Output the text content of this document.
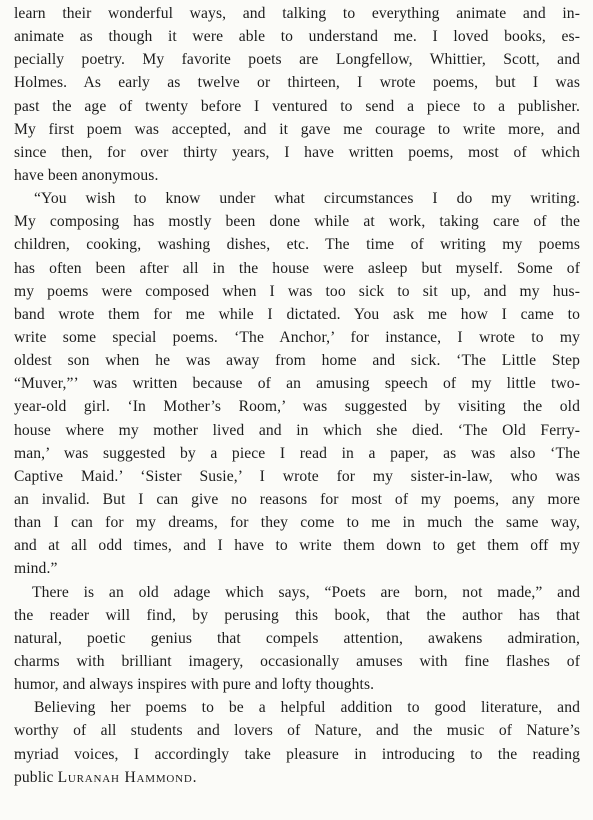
learn their wonderful ways, and talking to everything animate and in-
animate as though it were able to understand me. I loved books, es-
pecially poetry. My favorite poets are Longfellow, Whittier, Scott, and
Holmes. As early as twelve or thirteen, I wrote poems, but I was
past the age of twenty before I ventured to send a piece to a publisher.
My first poem was accepted, and it gave me courage to write more, and
since then, for over thirty years, I have written poems, most of which
have been anonymous.
“You wish to know under what circumstances I do my writing.
My composing has mostly been done while at work, taking care of the
children, cooking, washing dishes, etc. The time of writing my poems
has often been after all in the house were asleep but myself. Some of
my poems were composed when I was too sick to sit up, and my hus-
band wrote them for me while I dictated. You ask me how I came to
write some special poems. ‘The Anchor,’ for instance, I wrote to my
oldest son when he was away from home and sick. ‘The Little Step
“Muver,”’ was written because of an amusing speech of my little two-
year-old girl. ‘In Mother’s Room,’ was suggested by visiting the old
house where my mother lived and in which she died. ‘The Old Ferry-
man,’ was suggested by a piece I read in a paper, as was also ‘The
Captive Maid.’ ‘Sister Susie,’ I wrote for my sister-in-law, who was
an invalid. But I can give no reasons for most of my poems, any more
than I can for my dreams, for they come to me in much the same way,
and at all odd times, and I have to write them down to get them off my
mind.”
There is an old adage which says, “Poets are born, not made,” and
the reader will find, by perusing this book, that the author has that
natural, poetic genius that compels attention, awakens admiration,
charms with brilliant imagery, occasionally amuses with fine flashes of
humor, and always inspires with pure and lofty thoughts.
Believing her poems to be a helpful addition to good literature, and
worthy of all students and lovers of Nature, and the music of Nature’s
myriad voices, I accordingly take pleasure in introducing to the reading
public Luranah Hammond.
